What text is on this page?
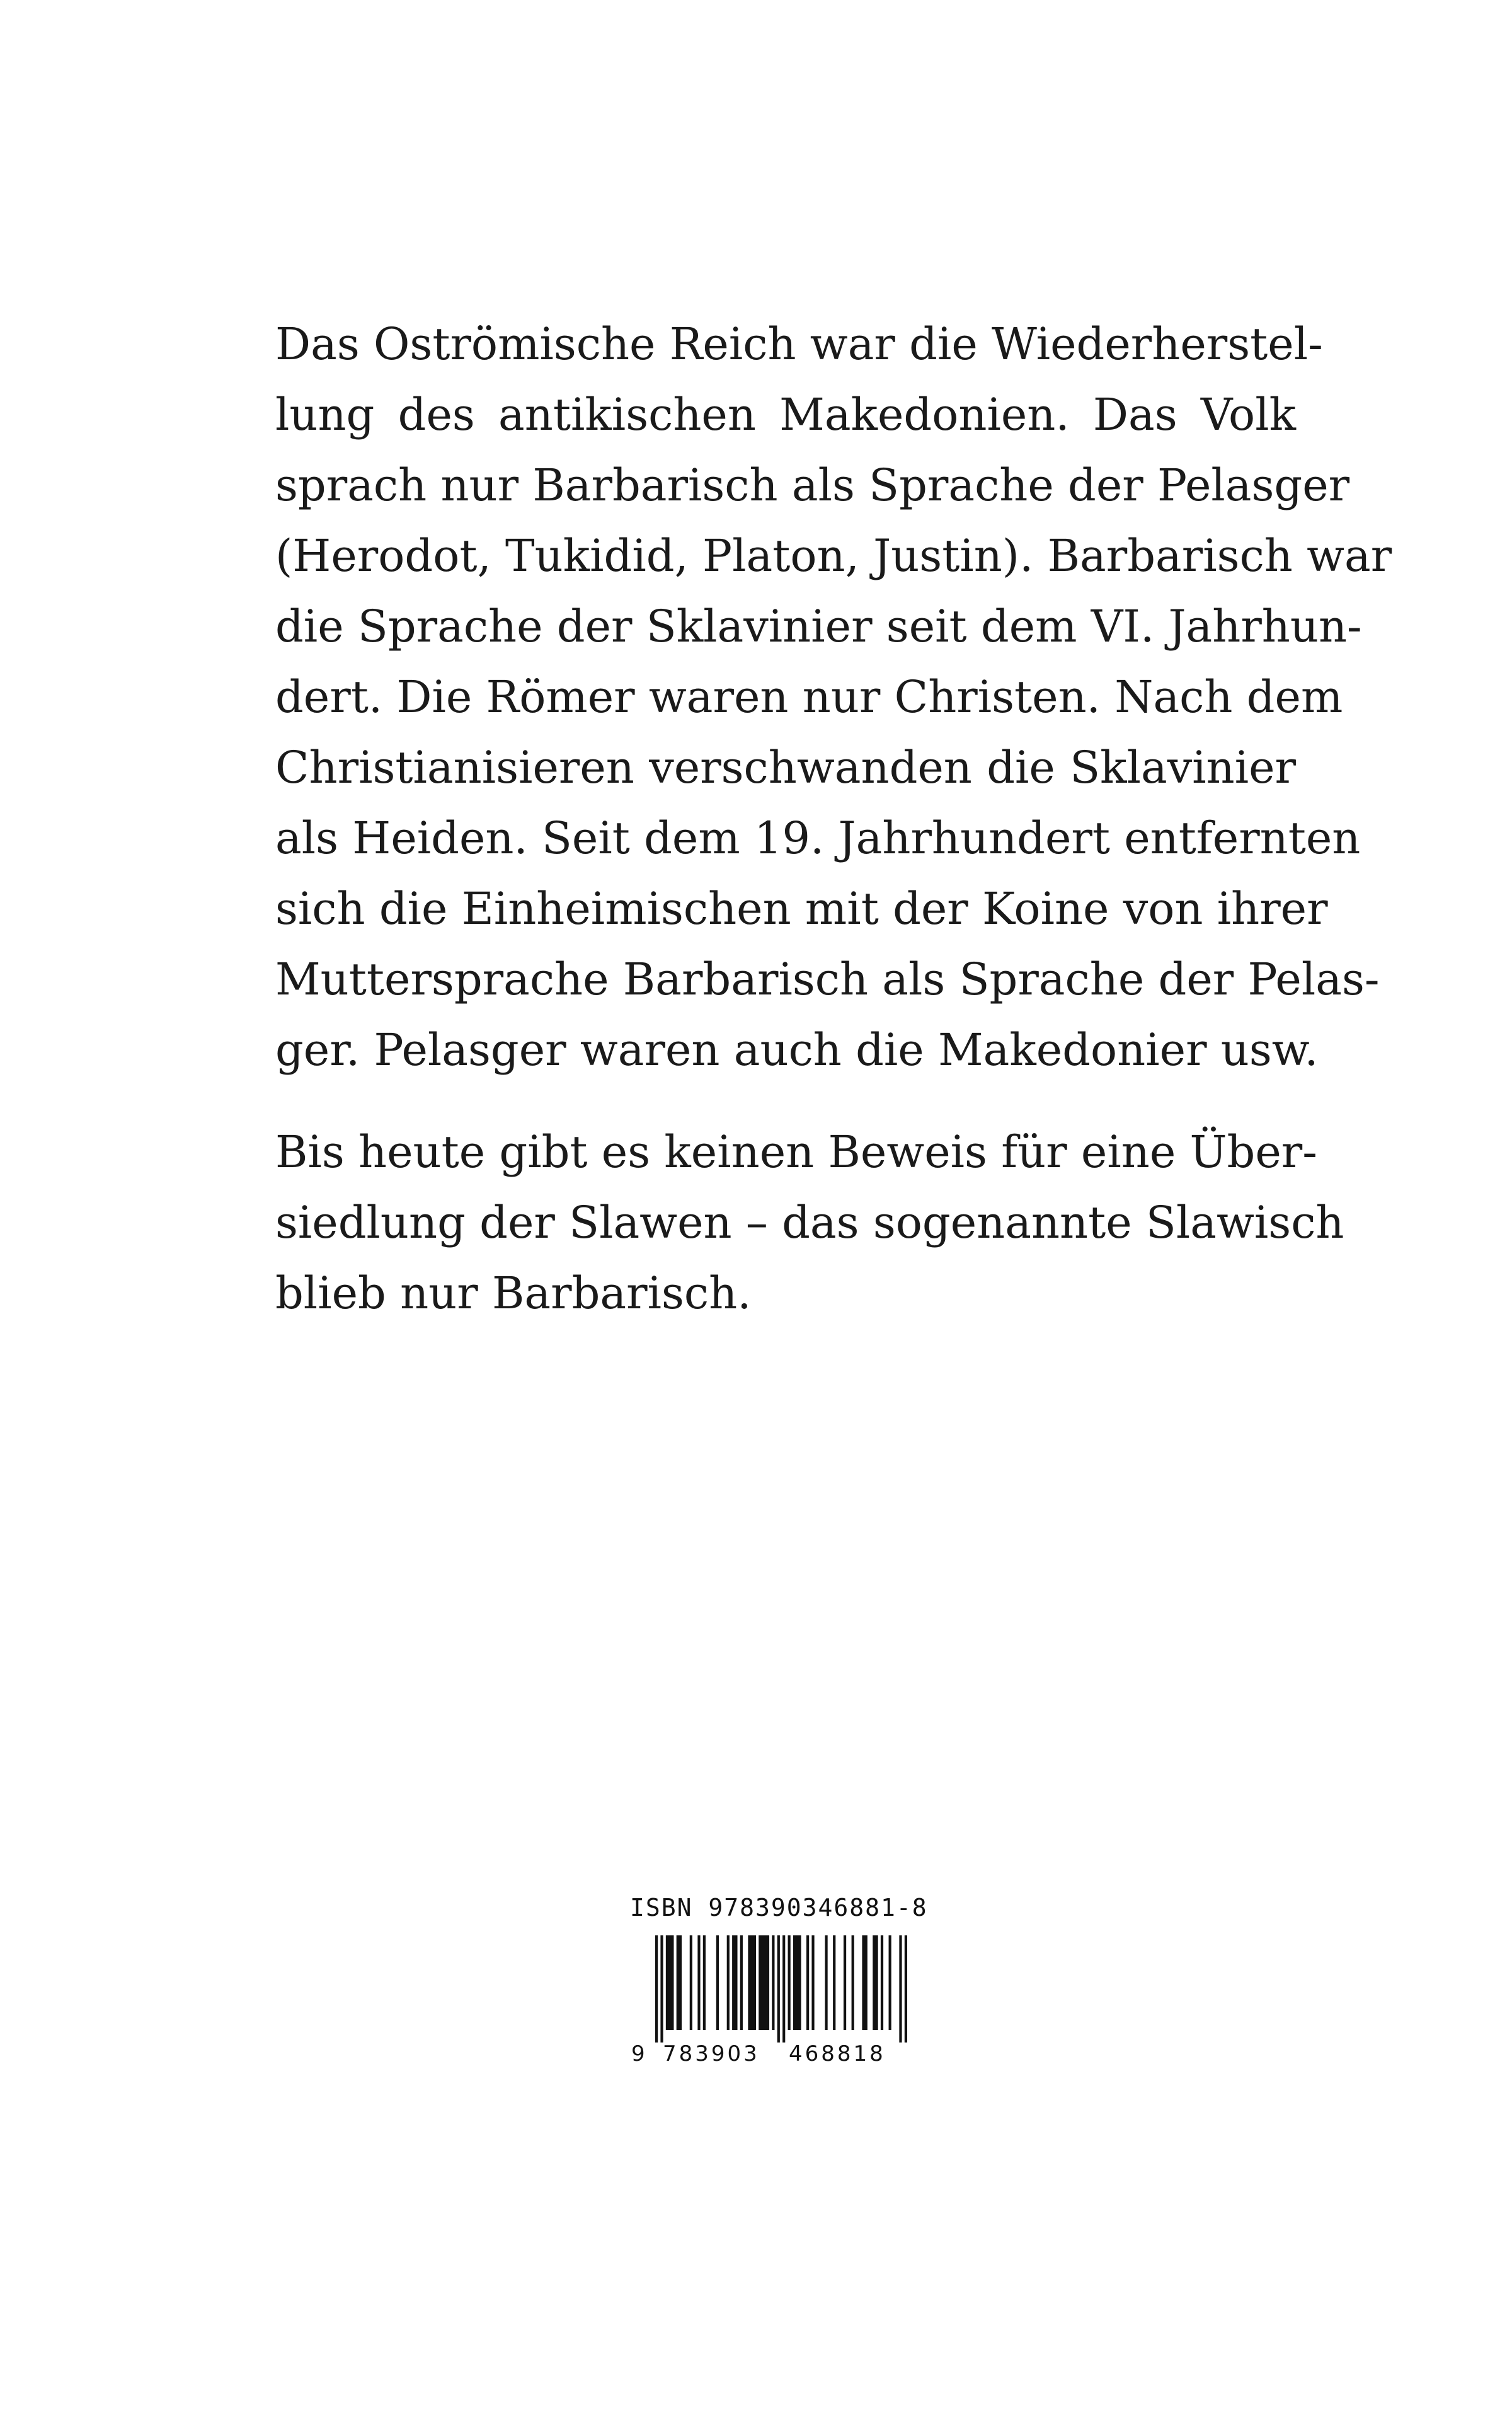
Das Oströmische Reich war die Wiederherstel-
lung des antikischen Makedonien. Das Volk
sprach nur Barbarisch als Sprache der Pelasger
(Herodot, Tukidid, Platon, Justin). Barbarisch war
die Sprache der Sklavinier seit dem VI. Jahrhun-
dert. Die Römer waren nur Christen. Nach dem
Christianisieren verschwanden die Sklavinier
als Heiden. Seit dem 19. Jahrhundert entfernten
sich die Einheimischen mit der Koine von ihrer
Muttersprache Barbarisch als Sprache der Pelas-
ger. Pelasger waren auch die Makedonier usw.

Bis heute gibt es keinen Beweis für eine Über-
siedlung der Slawen – das sogenannte Slawisch
blieb nur Barbarisch.

ISBN 978390346881-8
9 783903 468818
